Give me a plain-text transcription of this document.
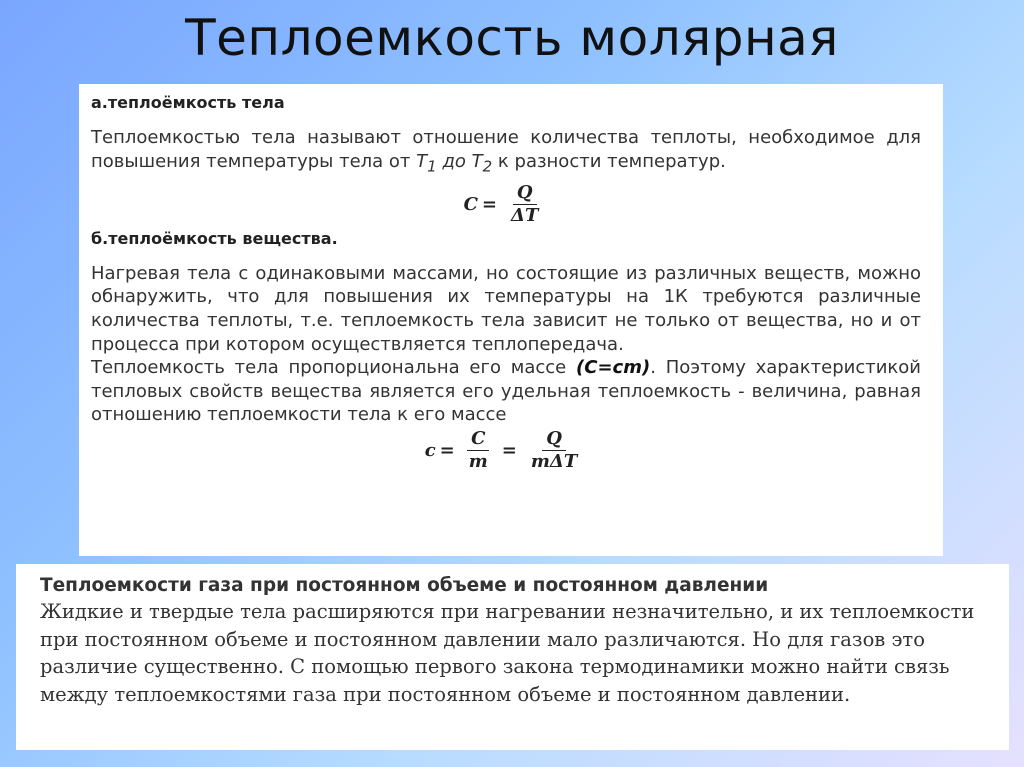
Теплоемкость молярная
а.теплоёмкость тела

Теплоемкостью тела называют отношение количества теплоты, необходимое для повышения температуры тела от $T_1$ до $T_2$ к разности температур.

$C = \frac{Q}{\Delta T}$
б.теплоёмкость вещества.

Нагревая тела с одинаковыми массами, но состоящие из различных веществ, можно обнаружить, что для повышения их температуры на 1К требуются различные количества теплоты, т.е. теплоемкость тела зависит не только от вещества, но и от процесса при котором осуществляется теплопередача.

Теплоемкость тела пропорциональна его массе (С=cm). Поэтому характеристикой тепловых свойств вещества является его удельная теплоемкость - величина, равная отношению теплоемкости тела к его массе

$c = \frac{C}{m} = \frac{Q}{\text{mΔT}}$
Теплоемкости газа при постоянном объеме и постоянном давлении

Жидкие и твердые тела расширяются при нагревании незначительно, и их теплоемкости при постоянном объеме и постоянном давлении мало различаются. Но для газов это различие существенно. С помощью первого закона термодинамики можно найти связь между теплоемкостями газа при постоянном объеме и постоянном давлении.
